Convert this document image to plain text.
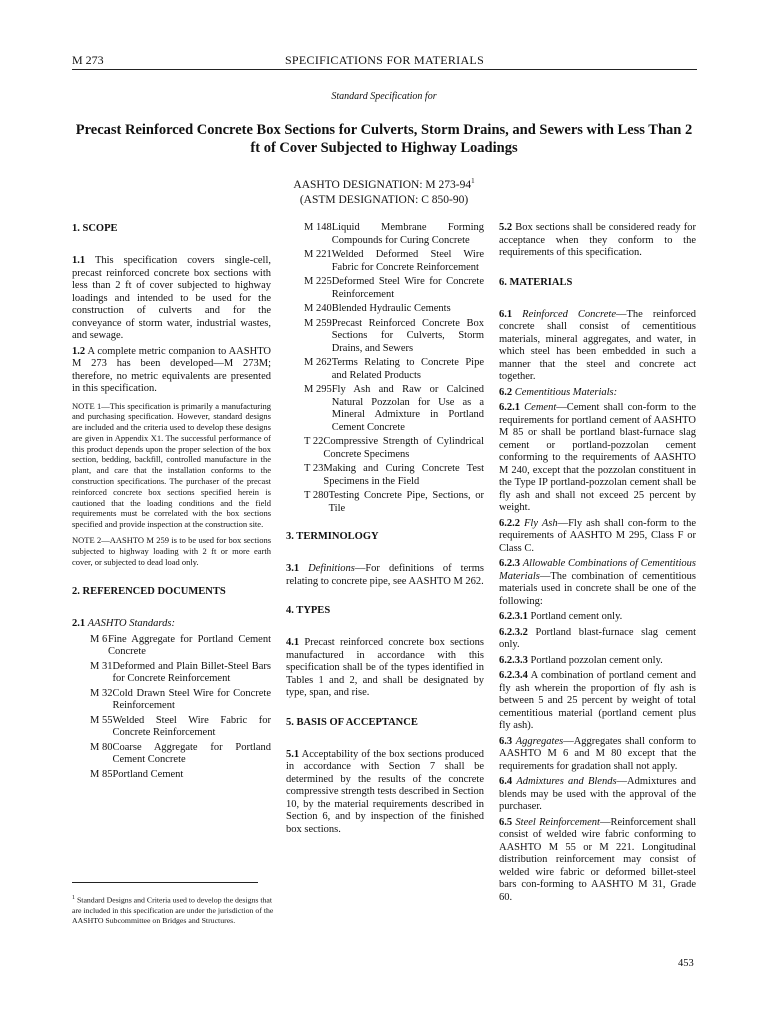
M 273	SPECIFICATIONS FOR MATERIALS
Standard Specification for
Precast Reinforced Concrete Box Sections for Culverts, Storm Drains, and Sewers with Less Than 2 ft of Cover Subjected to Highway Loadings
AASHTO DESIGNATION: M $273-94^1$
(ASTM DESIGNATION: C 850-90)
1. SCOPE

1.1 This specification covers single-cell, precast reinforced concrete box sections with less than 2 ft of cover subjected to highway loadings and intended to be used for the construction of culverts and for the conveyance of storm water, industrial wastes, and sewage.

1.2 A complete metric companion to AASHTO M 273 has been developed—M 273M; therefore, no metric equivalents are presented in this specification.

NOTE 1—This specification is primarily a manufacturing and purchasing specification. However, standard designs are included and the criteria used to develop these designs are given in Appendix X1. The successful performance of this product depends upon the proper selection of the box section, bedding, backfill, controlled manufacture in the plant, and care that the installation conforms to the construction specifications. The purchaser of the precast reinforced concrete box sections specified herein is cautioned that the loading conditions and the field requirements must be correlated with the box sections specified and provide inspection at the construction site.
NOTE 2—AASHTO M 259 is to be used for box sections subjected to highway loading with 2 ft or more earth cover, or subjected to dead load only.
2. REFERENCED DOCUMENTS

2.1 AASHTO Standards:

M 6 Fine Aggregate for Portland Cement Concrete
M 31 Deformed and Plain Billet-Steel Bars for Concrete Reinforcement
M 32 Cold Drawn Steel Wire for Concrete Reinforcement
M 55 Welded Steel Wire Fabric for Concrete Reinforcement
M 80 Coarse Aggregate for Portland Cement Concrete
M 85 Portland Cement
M 148 Liquid Membrane Forming Compounds for Curing Concrete
M 221 Welded Deformed Steel Wire Fabric for Concrete Reinforcement
M 225 Deformed Steel Wire for Concrete Reinforcement
M 240 Blended Hydraulic Cements
M 259 Precast Reinforced Concrete Box Sections for Culverts, Storm Drains, and Sewers
M 262 Terms Relating to Concrete Pipe and Related Products
M 295 Fly Ash and Raw or Calcined Natural Pozzolan for Use as a Mineral Admixture in Portland Cement Concrete
T 22 Compressive Strength of Cylindrical Concrete Specimens
T 23 Making and Curing Concrete Test Specimens in the Field
T 280 Testing Concrete Pipe, Sections, or Tile
3. TERMINOLOGY

3.1 Definitions—For definitions of terms relating to concrete pipe, see AASHTO M 262.

4. TYPES

4.1 Precast reinforced concrete box sections manufactured in accordance with this specification shall be of the types identified in Tables 1 and 2, and shall be designated by type, span, and rise.

5. BASIS OF ACCEPTANCE

5.1 Acceptability of the box sections produced in accordance with Section 7 shall be determined by the results of the concrete compressive strength tests described in Section 10, by the material requirements described in Section 6, and by inspection of the finished box sections.

5.2 Box sections shall be considered ready for acceptance when they conform to the requirements of this specification.

6. MATERIALS

6.1 Reinforced Concrete—The reinforced concrete shall consist of cementitious materials, mineral aggregates, and water, in which steel has been embedded in such a manner that the steel and concrete act together.

6.2 Cementitious Materials:

6.2.1 Cement—Cement shall con-form to the requirements for portland cement of AASHTO M 85 or shall be portland blast-furnace slag cement or portland-pozzolan cement conforming to the requirements of AASHTO M 240, except that the pozzolan constituent in the Type IP portland-pozzolan cement shall be fly ash and shall not exceed 25 percent by weight.

6.2.2 Fly Ash—Fly ash shall con-form to the requirements of AASHTO M 295, Class F or Class C.

6.2.3 Allowable Combinations of Cementitious Materials—The combination of cementitious materials used in concrete shall be one of the following:

6.2.3.1 Portland cement only.

6.2.3.2 Portland blast-furnace slag cement only.

6.2.3.3 Portland pozzolan cement only.

6.2.3.4 A combination of portland cement and fly ash wherein the proportion of fly ash is between 5 and 25 percent by weight of total cementitious material (portland cement plus fly ash).

6.3 Aggregates—Aggregates shall conform to AASHTO M 6 and M 80 except that the requirements for gradation shall not apply.

6.4 Admixtures and Blends—Admixtures and blends may be used with the approval of the purchaser.

6.5 Steel Reinforcement—Reinforcement shall consist of welded wire fabric conforming to AASHTO M 55 or M 221. Longitudinal distribution reinforcement may consist of welded wire fabric or deformed billet-steel bars con-forming to AASHTO M 31, Grade 60.

$^1$ Standard Designs and Criteria used to develop the designs that are included in this specification are under the jurisdiction of the AASHTO Subcommittee on Bridges and Structures.
453
